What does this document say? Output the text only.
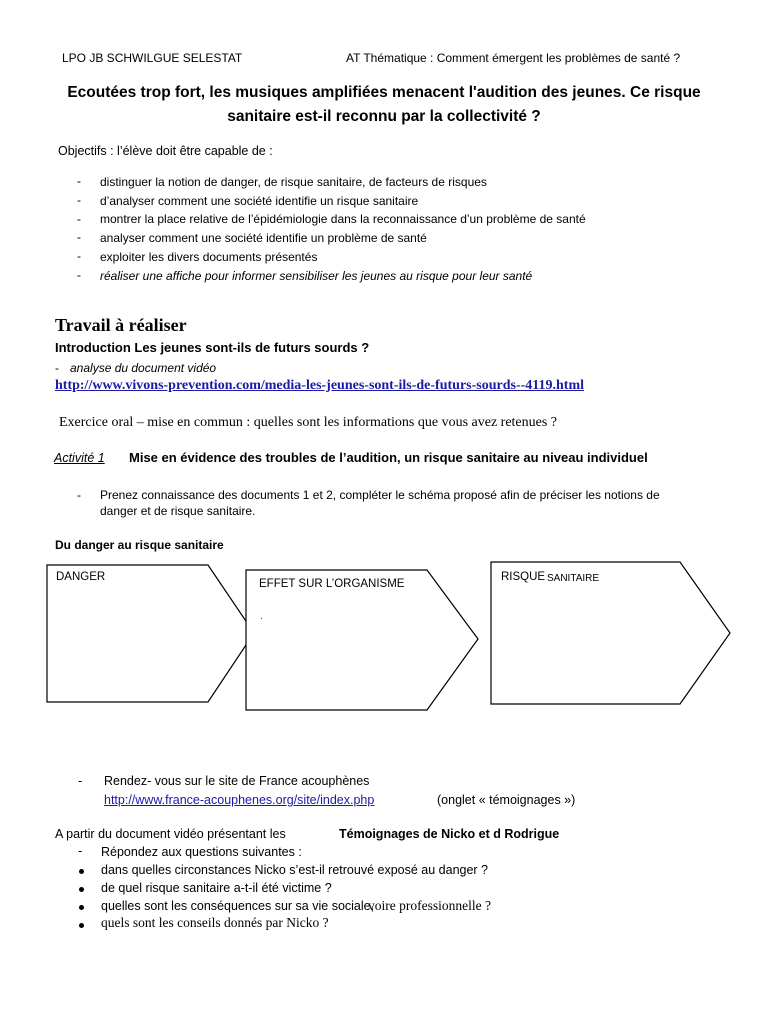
LPO JB SCHWILGUE SELESTAT	AT Thématique : Comment émergent les problèmes de santé ?
Ecoutées trop fort, les musiques amplifiées menacent l'audition des jeunes. Ce risque
sanitaire est-il reconnu par la collectivité ?
Objectifs : l’élève doit être capable de :
- distinguer la notion de danger, de risque sanitaire, de facteurs de risques
- d’analyser comment une société identifie un risque sanitaire
- montrer la place relative de l’épidémiologie dans la reconnaissance d’un problème de santé
- analyser comment une société identifie un problème de santé
- exploiter les divers documents présentés
- réaliser une affiche pour informer sensibiliser les jeunes au risque pour leur santé
Travail à réaliser
Introduction Les jeunes sont-ils de futurs sourds ?
- analyse du document vidéo
http://www.vivons-prevention.com/media-les-jeunes-sont-ils-de-futurs-sourds--4119.html
Exercice oral – mise en commun : quelles sont les informations que vous avez retenues ?
Activité 1 Mise en évidence des troubles de l’audition, un risque sanitaire au niveau individuel
- Prenez connaissance des documents 1 et 2, compléter le schéma proposé afin de préciser les notions de
danger et de risque sanitaire.
Du danger au risque sanitaire
DANGER
EFFET SUR L’ORGANISME
.
RISQUE SANITAIRE
- Rendez- vous sur le site de France acouphènes
http://www.france-acouphenes.org/site/index.php	(onglet « témoignages »)
A partir du document vidéo présentant les	Témoignages de Nicko et d Rodrigue
- Répondez aux questions suivantes :
dans quelles circonstances Nicko s’est-il retrouvé exposé au danger ?
de quel risque sanitaire a-t-il été victime ?
quelles sont les conséquences sur sa vie sociale,
voire professionnelle ?
quels sont les conseils donnés par Nicko ?
